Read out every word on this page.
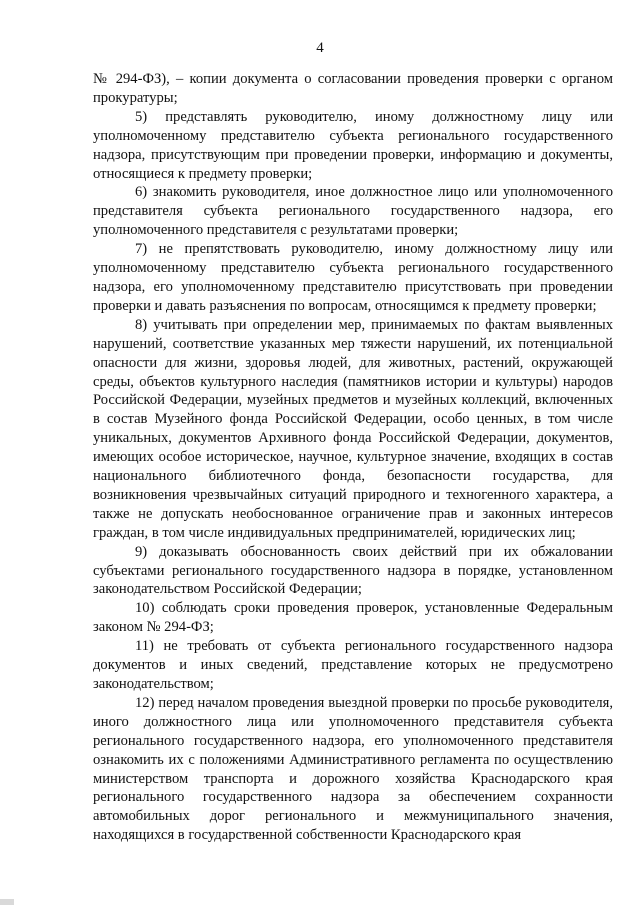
4

№ 294-ФЗ), – копии документа о согласовании проведения проверки с органом прокуратуры;

5) представлять руководителю, иному должностному лицу или уполномоченному представителю субъекта регионального государственного надзора, присутствующим при проведении проверки, информацию и документы, относящиеся к предмету проверки;

6) знакомить руководителя, иное должностное лицо или уполномоченного представителя субъекта регионального государственного надзора, его уполномоченного представителя с результатами проверки;

7) не препятствовать руководителю, иному должностному лицу или уполномоченному представителю субъекта регионального государственного надзора, его уполномоченному представителю присутствовать при проведении проверки и давать разъяснения по вопросам, относящимся к предмету проверки;

8) учитывать при определении мер, принимаемых по фактам выявленных нарушений, соответствие указанных мер тяжести нарушений, их потенциальной опасности для жизни, здоровья людей, для животных, растений, окружающей среды, объектов культурного наследия (памятников истории и культуры) народов Российской Федерации, музейных предметов и музейных коллекций, включенных в состав Музейного фонда Российской Федерации, особо ценных, в том числе уникальных, документов Архивного фонда Российской Федерации, документов, имеющих особое историческое, научное, культурное значение, входящих в состав национального библиотечного фонда, безопасности государства, для возникновения чрезвычайных ситуаций природного и техногенного характера, а также не допускать необоснованное ограничение прав и законных интересов граждан, в том числе индивидуальных предпринимателей, юридических лиц;

9) доказывать обоснованность своих действий при их обжаловании субъектами регионального государственного надзора в порядке, установленном законодательством Российской Федерации;

10) соблюдать сроки проведения проверок, установленные Федеральным законом № 294-ФЗ;

11) не требовать от субъекта регионального государственного надзора документов и иных сведений, представление которых не предусмотрено законодательством;

12) перед началом проведения выездной проверки по просьбе руководителя, иного должностного лица или уполномоченного представителя субъекта регионального государственного надзора, его уполномоченного представителя ознакомить их с положениями Административного регламента по осуществлению министерством транспорта и дорожного хозяйства Краснодарского края регионального государственного надзора за обеспечением сохранности автомобильных дорог регионального и межмуниципального значения, находящихся в государственной собственности Краснодарского края
